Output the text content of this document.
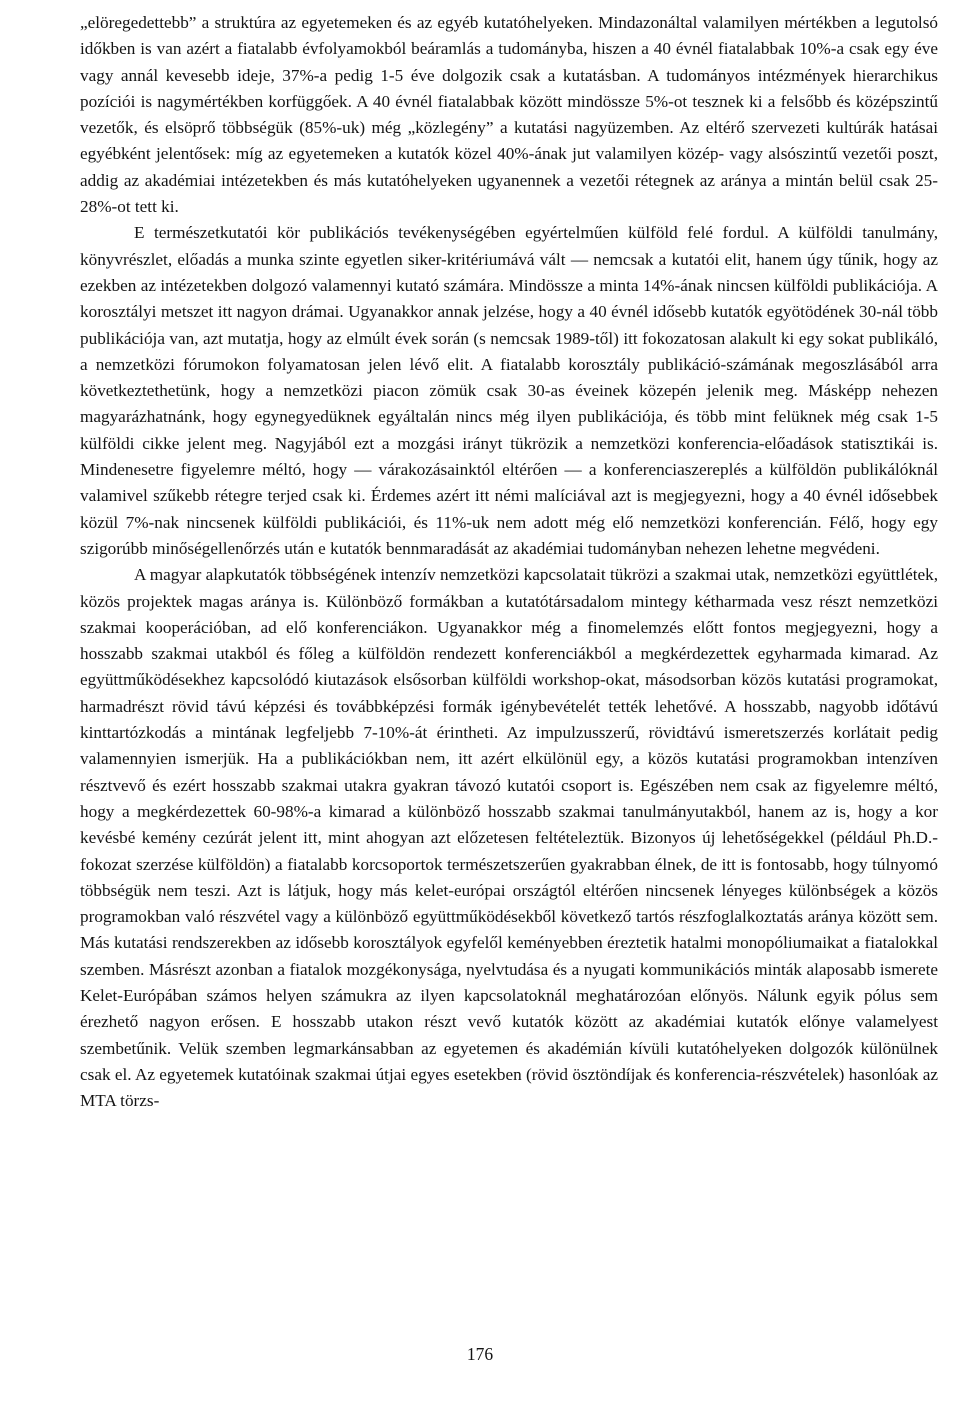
„elöregedettebb” a struktúra az egyetemeken és az egyéb kutatóhelyeken. Mindazonáltal valamilyen mértékben a legutolsó időkben is van azért a fiatalabb évfolyamokból beáramlás a tudományba, hiszen a 40 évnél fiatalabbak 10%-a csak egy éve vagy annál kevesebb ideje, 37%-a pedig 1-5 éve dolgozik csak a kutatásban. A tudományos intézmények hierarchikus pozíciói is nagymértékben korfüggőek. A 40 évnél fiatalabbak között mindössze 5%-ot tesznek ki a felsőbb és középszintű vezetők, és elsöprő többségük (85%-uk) még „közlegény” a kutatási nagyüzemben. Az eltérő szervezeti kultúrák hatásai egyébként jelentősek: míg az egyetemeken a kutatók közel 40%-ának jut valamilyen közép- vagy alsószintű vezetői poszt, addig az akadémiai intézetekben és más kutatóhelyeken ugyanennek a vezetői rétegnek az aránya a mintán belül csak 25-28%-ot tett ki.

E természetkutatói kör publikációs tevékenységében egyértelműen külföld felé fordul. A külföldi tanulmány, könyvrészlet, előadás a munka szinte egyetlen siker-kritériumává vált — nemcsak a kutatói elit, hanem úgy tűnik, hogy az ezekben az intézetekben dolgozó valamennyi kutató számára. Mindössze a minta 14%-ának nincsen külföldi publikációja. A korosztályi metszet itt nagyon drámai. Ugyanakkor annak jelzése, hogy a 40 évnél idősebb kutatók egyötödének 30-nál több publikációja van, azt mutatja, hogy az elmúlt évek során (s nemcsak 1989-től) itt fokozatosan alakult ki egy sokat publikáló, a nemzetközi fórumokon folyamatosan jelen lévő elit. A fiatalabb korosztály publikáció-számának megoszlásából arra következtethetünk, hogy a nemzetközi piacon zömük csak 30-as éveinek közepén jelenik meg. Másképp nehezen magyarázhatnánk, hogy egynegyedüknek egyáltalán nincs még ilyen publikációja, és több mint felüknek még csak 1-5 külföldi cikke jelent meg. Nagyjából ezt a mozgási irányt tükrözik a nemzetközi konferencia-előadások statisztikái is. Mindenesetre figyelemre méltó, hogy — várakozásainktól eltérően — a konferenciaszereplés a külföldön publikálóknál valamivel szűkebb rétegre terjed csak ki. Érdemes azért itt némi malíciával azt is megjegyezni, hogy a 40 évnél idősebbek közül 7%-nak nincsenek külföldi publikációi, és 11%-uk nem adott még elő nemzetközi konferencián. Félő, hogy egy szigorúbb minőségellenőrzés után e kutatók bennmaradását az akadémiai tudományban nehezen lehetne megvédeni.

A magyar alapkutatók többségének intenzív nemzetközi kapcsolatait tükrözi a szakmai utak, nemzetközi együttlétek, közös projektek magas aránya is. Különböző formákban a kutatótársadalom mintegy kétharmada vesz részt nemzetközi szakmai kooperációban, ad elő konferenciákon. Ugyanakkor még a finomelemzés előtt fontos megjegyezni, hogy a hosszabb szakmai utakból és főleg a külföldön rendezett konferenciákból a megkérdezettek egyharmada kimarad. Az együttműködésekhez kapcsolódó kiutazások elsősorban külföldi workshop-okat, másodsorban közös kutatási programokat, harmadrészt rövid távú képzési és továbbképzési formák igénybevételét tették lehetővé. A hosszabb, nagyobb időtávú kinttartózkodás a mintának legfeljebb 7-10%-át érintheti. Az impulzusszerű, rövidtávú ismeretszerzés korlátait pedig valamennyien ismerjük. Ha a publikációkban nem, itt azért elkülönül egy, a közös kutatási programokban intenzíven résztvevő és ezért hosszabb szakmai utakra gyakran távozó kutatói csoport is. Egészében nem csak az figyelemre méltó, hogy a megkérdezettek 60-98%-a kimarad a különböző hosszabb szakmai tanulmányutakból, hanem az is, hogy a kor kevésbé kemény cezúrát jelent itt, mint ahogyan azt előzetesen feltételeztük. Bizonyos új lehetőségekkel (például Ph.D.-fokozat szerzése külföldön) a fiatalabb korcsoportok természetszerűen gyakrabban élnek, de itt is fontosabb, hogy túlnyomó többségük nem teszi. Azt is látjuk, hogy más kelet-európai országtól eltérően nincsenek lényeges különbségek a közös programokban való részvétel vagy a különböző együttműködésekből következő tartós részfoglalkoztatás aránya között sem. Más kutatási rendszerekben az idősebb korosztályok egyfelől keményebben éreztetik hatalmi monopóliumaikat a fiatalokkal szemben. Másrészt azonban a fiatalok mozgékonysága, nyelvtudása és a nyugati kommunikációs minták alaposabb ismerete Kelet-Európában számos helyen számukra az ilyen kapcsolatoknál meghatározóan előnyös. Nálunk egyik pólus sem érezhető nagyon erősen. E hosszabb utakon részt vevő kutatók között az akadémiai kutatók előnye valamelyest szembetűnik. Velük szemben legmarkánsabban az egyetemen és akadémián kívüli kutatóhelyeken dolgozók különülnek csak el. Az egyetemek kutatóinak szakmai útjai egyes esetekben (rövid ösztöndíjak és konferencia-részvételek) hasonlóak az MTA törzs-

176
